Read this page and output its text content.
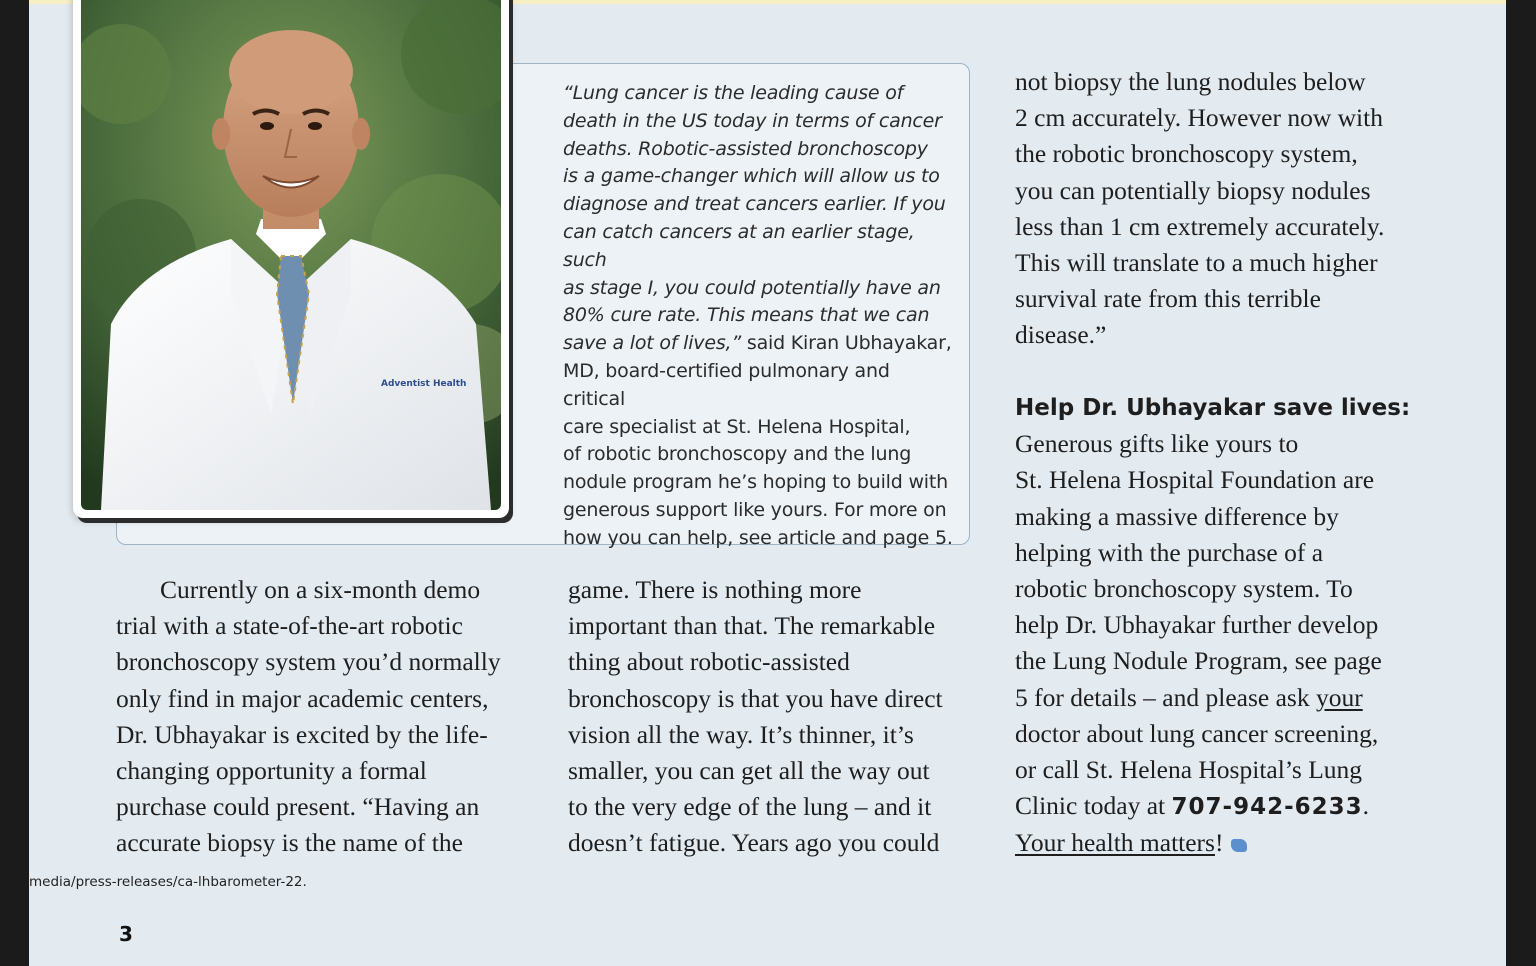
Adventist Health
“Lung cancer is the leading cause of
death in the US today in terms of cancer
deaths. Robotic-assisted bronchoscopy
is a game-changer which will allow us to
diagnose and treat cancers earlier. If you
can catch cancers at an earlier stage, such
as stage I, you could potentially have an
80% cure rate. This means that we can
save a lot of lives,” said Kiran Ubhayakar,
MD, board-certified pulmonary and critical
care specialist at St. Helena Hospital,
of robotic bronchoscopy and the lung
nodule program he’s hoping to build with
generous support like yours. For more on
how you can help, see article and page 5.
Currently on a six-month demo
trial with a state-of-the-art robotic
bronchoscopy system you’d normally
only find in major academic centers,
Dr. Ubhayakar is excited by the life-
changing opportunity a formal
purchase could present. “Having an
accurate biopsy is the name of the
game. There is nothing more
important than that. The remarkable
thing about robotic-assisted
bronchoscopy is that you have direct
vision all the way. It’s thinner, it’s
smaller, you can get all the way out
to the very edge of the lung – and it
doesn’t fatigue. Years ago you could
not biopsy the lung nodules below
2 cm accurately. However now with
the robotic bronchoscopy system,
you can potentially biopsy nodules
less than 1 cm extremely accurately.
This will translate to a much higher
survival rate from this terrible
disease.”
Help Dr. Ubhayakar save lives:
Generous gifts like yours to
St. Helena Hospital Foundation are
making a massive difference by
helping with the purchase of a
robotic bronchoscopy system. To
help Dr. Ubhayakar further develop
the Lung Nodule Program, see page
5 for details – and please ask your
doctor about lung cancer screening,
or call St. Helena Hospital’s Lung
Clinic today at 707-942-6233.
Your health matters!
media/press-releases/ca-lhbarometer-22.
3
